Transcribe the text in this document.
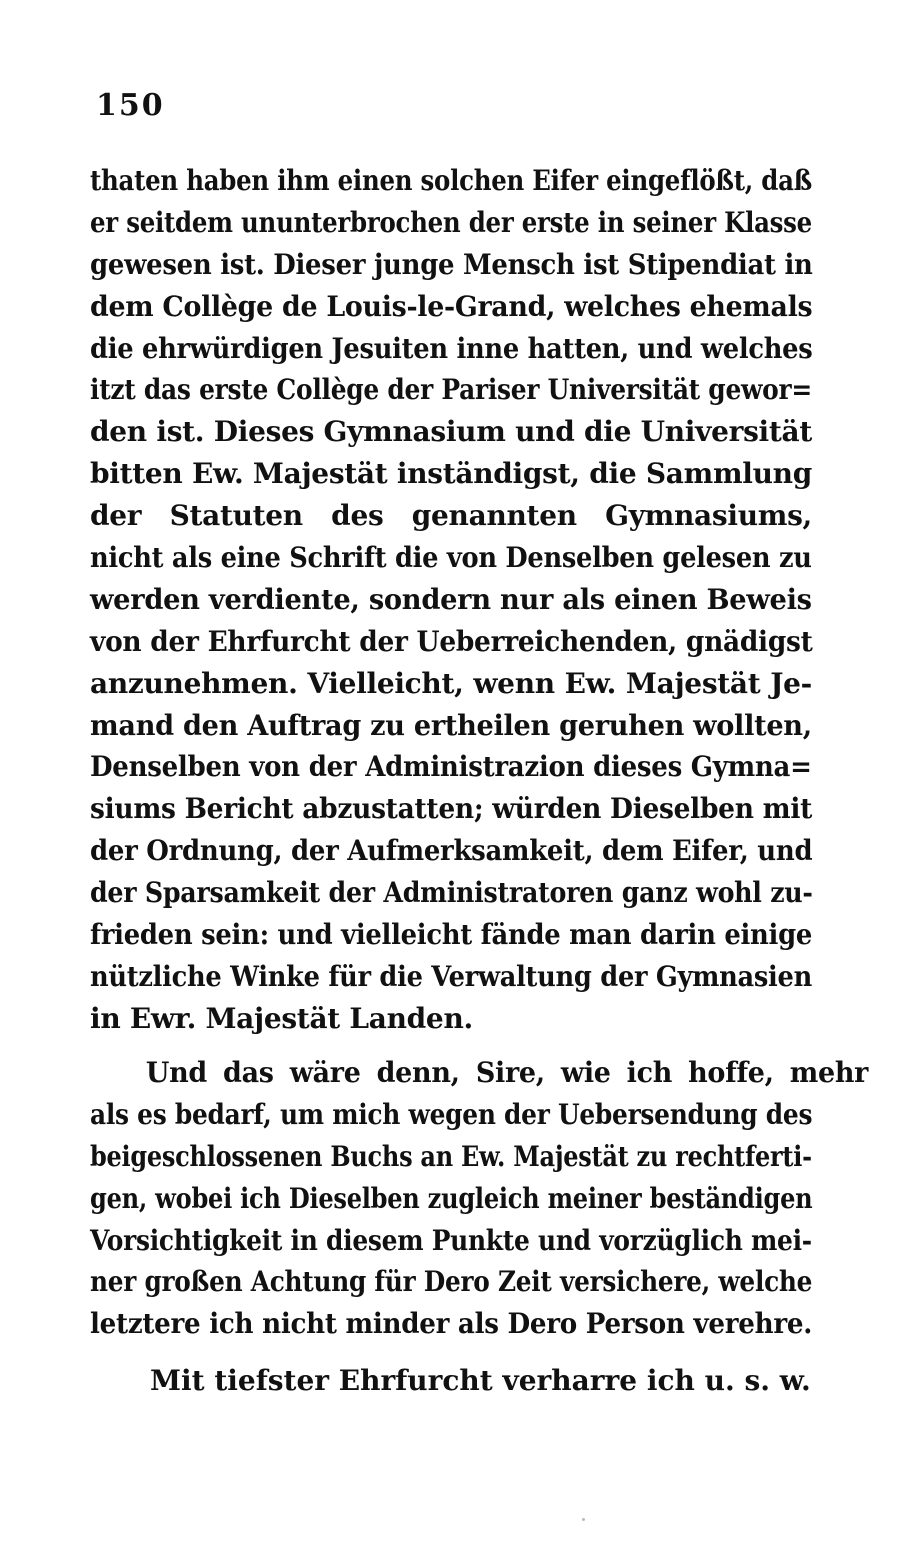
150
thaten haben ihm einen solchen Eifer eingeflößt, daß
er seitdem ununterbrochen der erste in seiner Klasse
gewesen ist. Dieser junge Mensch ist Stipendiat in
dem Collège de Louis-le-Grand, welches ehemals
die ehrwürdigen Jesuiten inne hatten, und welches
itzt das erste Collège der Pariser Universität gewor=
den ist. Dieses Gymnasium und die Universität
bitten Ew. Majestät inständigst, die Sammlung
der Statuten des genannten Gymnasiums,
nicht als eine Schrift die von Denselben gelesen zu
werden verdiente, sondern nur als einen Beweis
von der Ehrfurcht der Ueberreichenden, gnädigst
anzunehmen. Vielleicht, wenn Ew. Majestät Je-
mand den Auftrag zu ertheilen geruhen wollten,
Denselben von der Administrazion dieses Gymna=
siums Bericht abzustatten; würden Dieselben mit
der Ordnung, der Aufmerksamkeit, dem Eifer, und
der Sparsamkeit der Administratoren ganz wohl zu-
frieden sein: und vielleicht fände man darin einige
nützliche Winke für die Verwaltung der Gymnasien
in Ewr. Majestät Landen.
Und das wäre denn, Sire, wie ich hoffe, mehr
als es bedarf, um mich wegen der Uebersendung des
beigeschlossenen Buchs an Ew. Majestät zu rechtferti-
gen, wobei ich Dieselben zugleich meiner beständigen
Vorsichtigkeit in diesem Punkte und vorzüglich mei-
ner großen Achtung für Dero Zeit versichere, welche
letztere ich nicht minder als Dero Person verehre.
Mit tiefster Ehrfurcht verharre ich u. s. w.
